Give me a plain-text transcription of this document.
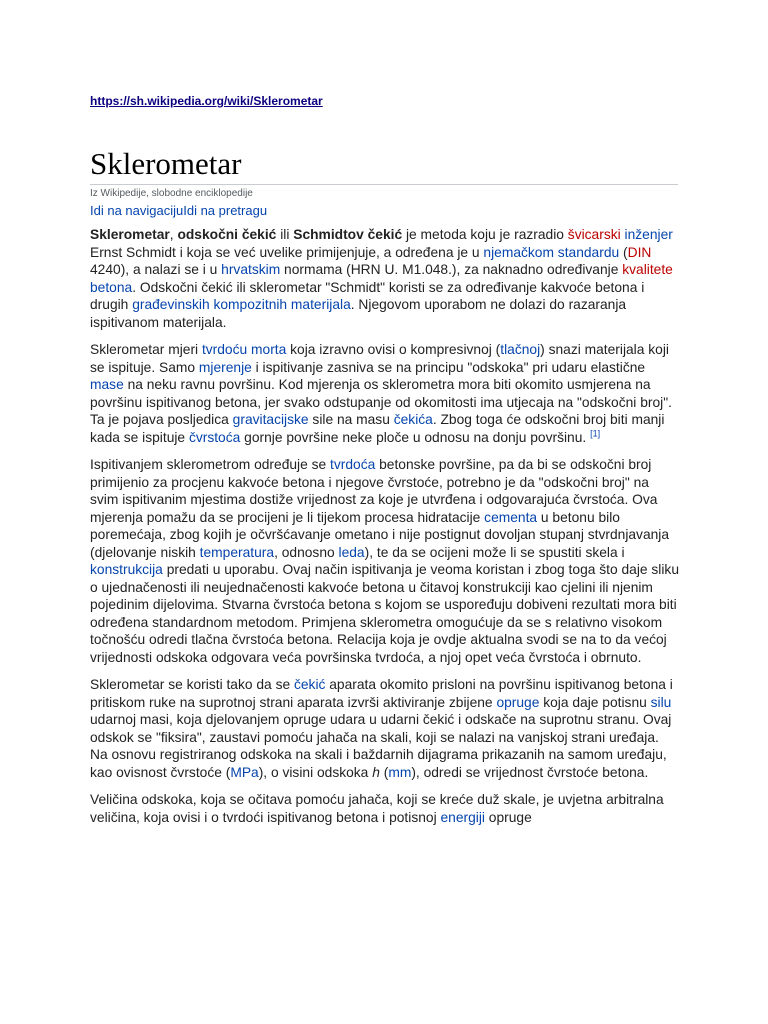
https://sh.wikipedia.org/wiki/Sklerometar
Sklerometar
Iz Wikipedije, slobodne enciklopedije
Idi na navigacijuIdi na pretragu

Sklerometar, odskočni čekić ili Schmidtov čekić je metoda koju je razradio švicarski inženjer Ernst Schmidt i koja se već uvelike primijenjuje, a određena je u njemačkom standardu (DIN 4240), a nalazi se i u hrvatskim normama (HRN U. M1.048.), za naknadno određivanje kvalitete betona. Odskočni čekić ili sklerometar "Schmidt" koristi se za određivanje kakvoće betona i drugih građevinskih kompozitnih materijala. Njegovom uporabom ne dolazi do razaranja ispitivanom materijala.

Sklerometar mjeri tvrdoću morta koja izravno ovisi o kompresivnoj (tlačnoj) snazi materijala koji se ispituje. Samo mjerenje i ispitivanje zasniva se na principu "odskoka" pri udaru elastične mase na neku ravnu površinu. Kod mjerenja os sklerometra mora biti okomito usmjerena na površinu ispitivanog betona, jer svako odstupanje od okomitosti ima utjecaja na "odskočni broj". Ta je pojava posljedica gravitacijske sile na masu čekića. Zbog toga će odskočni broj biti manji kada se ispituje čvrstoća gornje površine neke ploče u odnosu na donju površinu. [1]

Ispitivanjem sklerometrom određuje se tvrdoća betonske površine, pa da bi se odskočni broj primijenio za procjenu kakvoće betona i njegove čvrstoće, potrebno je da "odskočni broj" na svim ispitivanim mjestima dostiže vrijednost za koje je utvrđena i odgovarajuća čvrstoća. Ova mjerenja pomažu da se procijeni je li tijekom procesa hidratacije cementa u betonu bilo poremećaja, zbog kojih je očvršćavanje ometano i nije postignut dovoljan stupanj stvrdnjavanja (djelovanje niskih temperatura, odnosno leda), te da se ocijeni može li se spustiti skela i konstrukcija predati u uporabu. Ovaj način ispitivanja je veoma koristan i zbog toga što daje sliku o ujednačenosti ili neujednačenosti kakvoće betona u čitavoj konstrukciji kao cjelini ili njenim pojedinim dijelovima. Stvarna čvrstoća betona s kojom se uspoređuju dobiveni rezultati mora biti određena standardnom metodom. Primjena sklerometra omogućuje da se s relativno visokom točnošću odredi tlačna čvrstoća betona. Relacija koja je ovdje aktualna svodi se na to da većoj vrijednosti odskoka odgovara veća površinska tvrdoća, a njoj opet veća čvrstoća i obrnuto.

Sklerometar se koristi tako da se čekić aparata okomito prisloni na površinu ispitivanog betona i pritiskom ruke na suprotnoj strani aparata izvrši aktiviranje zbijene opruge koja daje potisnu silu udarnoj masi, koja djelovanjem opruge udara u udarni čekić i odskače na suprotnu stranu. Ovaj odskok se "fiksira", zaustavi pomoću jahača na skali, koji se nalazi na vanjskoj strani uređaja. Na osnovu registriranog odskoka na skali i baždarnih dijagrama prikazanih na samom uređaju, kao ovisnost čvrstoće (MPa), o visini odskoka h (mm), odredi se vrijednost čvrstoće betona.

Veličina odskoka, koja se očitava pomoću jahača, koji se kreće duž skale, je uvjetna arbitralna veličina, koja ovisi i o tvrdoći ispitivanog betona i potisnoj energiji opruge
